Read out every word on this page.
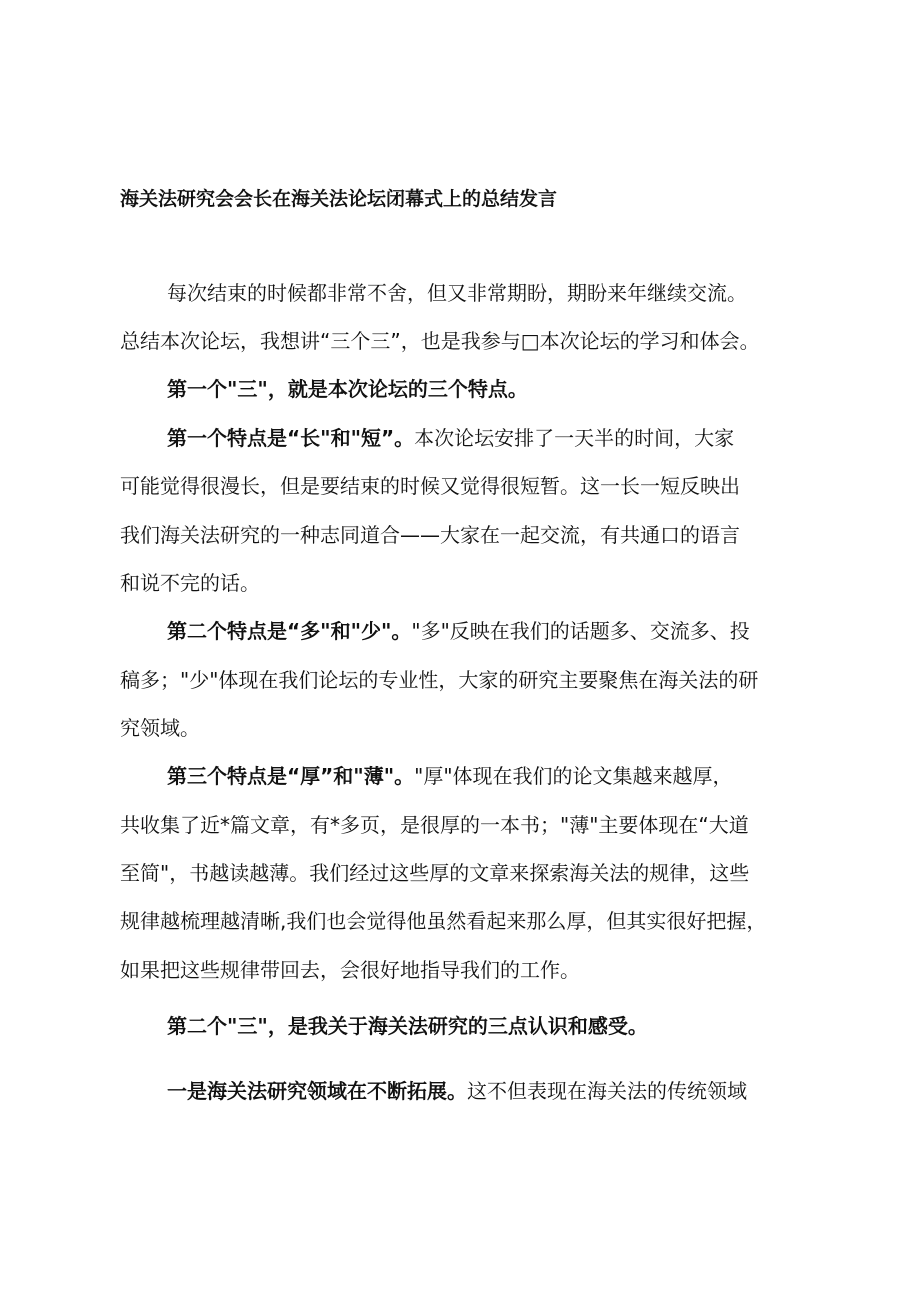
海关法研究会会长在海关法论坛闭幕式上的总结发言
每次结束的时候都非常不舍，但又非常期盼，期盼来年继续交流。
总结本次论坛，我想讲“三个三”，也是我参与□本次论坛的学习和体会。
第一个"三"，就是本次论坛的三个特点。
第一个特点是“长"和"短”。本次论坛安排了一天半的时间，大家
可能觉得很漫长，但是要结束的时候又觉得很短暂。这一长一短反映出
我们海关法研究的一种志同道合——大家在一起交流，有共通口的语言
和说不完的话。
第二个特点是“多"和"少"。"多"反映在我们的话题多、交流多、投
稿多；"少"体现在我们论坛的专业性，大家的研究主要聚焦在海关法的研
究领域。
第三个特点是“厚”和"薄"。"厚"体现在我们的论文集越来越厚，
共收集了近*篇文章，有*多页，是很厚的一本书；"薄"主要体现在“大道
至简"，书越读越薄。我们经过这些厚的文章来探索海关法的规律，这些
规律越梳理越清晰,我们也会觉得他虽然看起来那么厚，但其实很好把握，
如果把这些规律带回去，会很好地指导我们的工作。
第二个"三"，是我关于海关法研究的三点认识和感受。
一是海关法研究领域在不断拓展。这不但表现在海关法的传统领域
